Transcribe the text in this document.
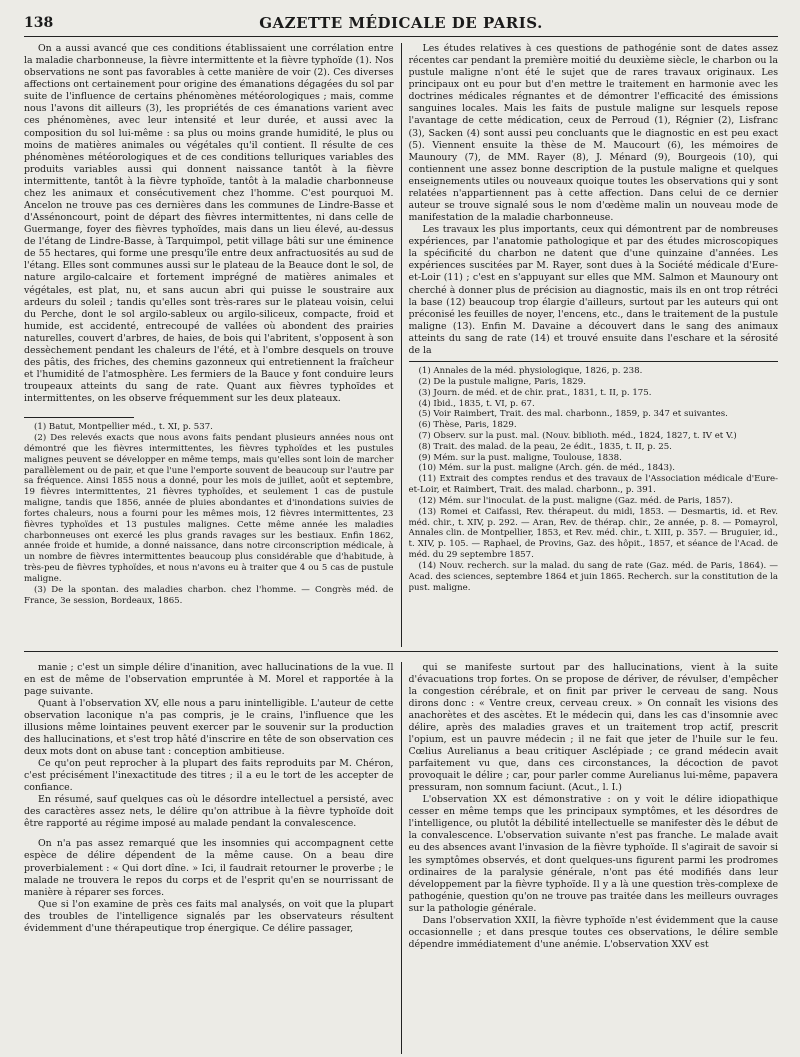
138	GAZETTE MÉDICALE DE PARIS.

On a aussi avancé que ces conditions établissaient une corrélation entre la maladie charbonneuse, la fièvre intermittente et la fièvre typhoïde (1). Nos observations ne sont pas favorables à cette manière de voir (2). Ces diverses affections ont certainement pour origine des émanations dégagées du sol par suite de l'influence de certains phénomènes météorologiques ; mais, comme nous l'avons dit ailleurs (3), les propriétés de ces émanations varient avec ces phénomènes, avec leur intensité et leur durée, et aussi avec la composition du sol lui-même : sa plus ou moins grande humidité, le plus ou moins de matières animales ou végétales qu'il contient. Il résulte de ces phénomènes météorologiques et de ces conditions telluriques variables des produits variables aussi qui donnent naissance tantôt à la fièvre intermittente, tantôt à la fièvre typhoïde, tantôt à la maladie charbonneuse chez les animaux et consécutivement chez l'homme. C'est pourquoi M. Ancelon ne trouve pas ces dernières dans les communes de Lindre-Basse et d'Assénoncourt, point de départ des fièvres intermittentes, ni dans celle de Guermange, foyer des fièvres typhoïdes, mais dans un lieu élevé, au-dessus de l'étang de Lindre-Basse, à Tarquimpol, petit village bâti sur une éminence de 55 hectares, qui forme une presqu'île entre deux anfractuosités au sud de l'étang. Elles sont communes aussi sur le plateau de la Beauce dont le sol, de nature argilo-calcaire et fortement imprégné de matières animales et végétales, est plat, nu, et sans aucun abri qui puisse le soustraire aux ardeurs du soleil ; tandis qu'elles sont très-rares sur le plateau voisin, celui du Perche, dont le sol argilo-sableux ou argilo-siliceux, compacte, froid et humide, est accidenté, entrecoupé de vallées où abondent des prairies naturelles, couvert d'arbres, de haies, de bois qui l'abritent, s'opposent à son dessèchement pendant les chaleurs de l'été, et à l'ombre desquels on trouve des pâtis, des friches, des chemins gazonneux qui entretiennent la fraîcheur et l'humidité de l'atmosphère. Les fermiers de la Bauce y font conduire leurs troupeaux atteints du sang de rate. Quant aux fièvres typhoïdes et intermittentes, on les observe fréquemment sur les deux plateaux.

(1) Batut, Montpellier méd., t. XI, p. 537.

(2) Des relevés exacts que nous avons faits pendant plusieurs années nous ont démontré que les fièvres intermittentes, les fièvres typhoïdes et les pustules malignes peuvent se développer en même temps, mais qu'elles sont loin de marcher parallèlement ou de pair, et que l'une l'emporte souvent de beaucoup sur l'autre par sa fréquence. Ainsi 1855 nous a donné, pour les mois de juillet, août et septembre, 19 fièvres intermittentes, 21 fièvres typhoïdes, et seulement 1 cas de pustule maligne, tandis que 1856, année de pluies abondantes et d'inondations suivies de fortes chaleurs, nous a fourni pour les mêmes mois, 12 fièvres intermittentes, 23 fièvres typhoïdes et 13 pustules malignes. Cette même année les maladies charbonneuses ont exercé les plus grands ravages sur les bestiaux. Enfin 1862, année froide et humide, a donné naissance, dans notre circonscription médicale, à un nombre de fièvres intermittentes beaucoup plus considérable que d'habitude, à très-peu de fièvres typhoïdes, et nous n'avons eu à traiter que 4 ou 5 cas de pustule maligne.

(3) De la spontan. des maladies charbon. chez l'homme. — Congrès méd. de France, 3e session, Bordeaux, 1865.

Les études relatives à ces questions de pathogénie sont de dates assez récentes car pendant la première moitié du deuxième siècle, le charbon ou la pustule maligne n'ont été le sujet que de rares travaux originaux. Les principaux ont eu pour but d'en mettre le traitement en harmonie avec les doctrines médicales régnantes et de démontrer l'efficacité des émissions sanguines locales. Mais les faits de pustule maligne sur lesquels repose l'avantage de cette médication, ceux de Perroud (1), Régnier (2), Lisfranc (3), Sacken (4) sont aussi peu concluants que le diagnostic en est peu exact (5). Viennent ensuite la thèse de M. Maucourt (6), les mémoires de Maunoury (7), de MM. Rayer (8), J. Ménard (9), Bourgeois (10), qui contiennent une assez bonne description de la pustule maligne et quelques enseignements utiles ou nouveaux quoique toutes les observations qui y sont relatées n'appartiennent pas à cette affection. Dans celui de ce dernier auteur se trouve signalé sous le nom d'œdème malin un nouveau mode de manifestation de la maladie charbonneuse.

Les travaux les plus importants, ceux qui démontrent par de nombreuses expériences, par l'anatomie pathologique et par des études microscopiques la spécificité du charbon ne datent que d'une quinzaine d'années. Les expériences suscitées par M. Rayer, sont dues à la Société médicale d'Eure-et-Loir (11) ; c'est en s'appuyant sur elles que MM. Salmon et Maunoury ont cherché à donner plus de précision au diagnostic, mais ils en ont trop rétréci la base (12) beaucoup trop élargie d'ailleurs, surtout par les auteurs qui ont préconisé les feuilles de noyer, l'encens, etc., dans le traitement de la pustule maligne (13). Enfin M. Davaine a découvert dans le sang des animaux atteints du sang de rate (14) et trouvé ensuite dans l'eschare et la sérosité de la

(1) Annales de la méd. physiologique, 1826, p. 238.

(2) De la pustule maligne, Paris, 1829.

(3) Journ. de méd. et de chir. prat., 1831, t. II, p. 175.

(4) Ibid., 1835, t. VI, p. 67.

(5) Voir Raimbert, Trait. des mal. charbonn., 1859, p. 347 et suivantes.

(6) Thèse, Paris, 1829.

(7) Observ. sur la pust. mal. (Nouv. biblioth. méd., 1824, 1827, t. IV et V.)

(8) Trait. des malad. de la peau, 2e édit., 1835, t. II, p. 25.

(9) Mém. sur la pust. maligne, Toulouse, 1838.

(10) Mém. sur la pust. maligne (Arch. gén. de méd., 1843).

(11) Extrait des comptes rendus et des travaux de l'Association médicale d'Eure-et-Loir, et Raimbert, Trait. des malad. charbonn., p. 391.

(12) Mém. sur l'inoculat. de la pust. maligne (Gaz. méd. de Paris, 1857).

(13) Romei et Caifassi, Rev. thérapeut. du midi, 1853. — Desmartis, id. et Rev. méd. chir., t. XIV, p. 292. — Aran, Rev. de thérap. chir., 2e année, p. 8. — Pomayrol, Annales clin. de Montpellier, 1853, et Rev. méd. chir., t. XIII, p. 357. — Bruguier, id., t. XIV, p. 105. — Raphael, de Provins, Gaz. des hôpit., 1857, et séance de l'Acad. de méd. du 29 septembre 1857.

(14) Nouv. recherch. sur la malad. du sang de rate (Gaz. méd. de Paris, 1864). — Acad. des sciences, septembre 1864 et juin 1865. Recherch. sur la constitution de la pust. maligne.

manie ; c'est un simple délire d'inanition, avec hallucinations de la vue. Il en est de même de l'observation empruntée à M. Morel et rapportée à la page suivante.

Quant à l'observation XV, elle nous a paru inintelligible. L'auteur de cette observation laconique n'a pas compris, je le crains, l'influence que les illusions même lointaines peuvent exercer par le souvenir sur la production des hallucinations, et s'est trop hâté d'inscrire en tête de son observation ces deux mots dont on abuse tant : conception ambitieuse.

Ce qu'on peut reprocher à la plupart des faits reproduits par M. Chéron, c'est précisément l'inexactitude des titres ; il a eu le tort de les accepter de confiance.

En résumé, sauf quelques cas où le désordre intellectuel a persisté, avec des caractères assez nets, le délire qu'on attribue à la fièvre typhoïde doit être rapporté au régime imposé au malade pendant la convalescence.

On n'a pas assez remarqué que les insomnies qui accompagnent cette espèce de délire dépendent de la même cause. On a beau dire proverbialement : « Qui dort dîne. » Ici, il faudrait retourner le proverbe ; le malade ne trouvera le repos du corps et de l'esprit qu'en se nourrissant de manière à réparer ses forces.

Que si l'on examine de près ces faits mal analysés, on voit que la plupart des troubles de l'intelligence signalés par les observateurs résultent évidemment d'une thérapeutique trop énergique. Ce délire passager,

qui se manifeste surtout par des hallucinations, vient à la suite d'évacuations trop fortes. On se propose de dériver, de révulser, d'empêcher la congestion cérébrale, et on finit par priver le cerveau de sang. Nous dirons donc : « Ventre creux, cerveau creux. » On connaît les visions des anachorètes et des ascètes. Et le médecin qui, dans les cas d'insomnie avec délire, après des maladies graves et un traitement trop actif, prescrit l'opium, est un pauvre médecin ; il ne fait que jeter de l'huile sur le feu. Cœlius Aurelianus a beau critiquer Asclépiade ; ce grand médecin avait parfaitement vu que, dans ces circonstances, la décoction de pavot provoquait le délire ; car, pour parler comme Aurelianus lui-même, papavera pressuram, non somnum faciunt. (Acut., l. I.)

L'observation XX est démonstrative : on y voit le délire idiopathique cesser en même temps que les principaux symptômes, et les désordres de l'intelligence, ou plutôt la débilité intellectuelle se manifester dès le début de la convalescence. L'observation suivante n'est pas franche. Le malade avait eu des absences avant l'invasion de la fièvre typhoïde. Il s'agirait de savoir si les symptômes observés, et dont quelques-uns figurent parmi les prodromes ordinaires de la paralysie générale, n'ont pas été modifiés dans leur développement par la fièvre typhoïde. Il y a là une question très-complexe de pathogénie, question qu'on ne trouve pas traitée dans les meilleurs ouvrages sur la pathologie générale.

Dans l'observation XXII, la fièvre typhoïde n'est évidemment que la cause occasionnelle ; et dans presque toutes ces observations, le délire semble dépendre immédiatement d'une anémie. L'observation XXV est
